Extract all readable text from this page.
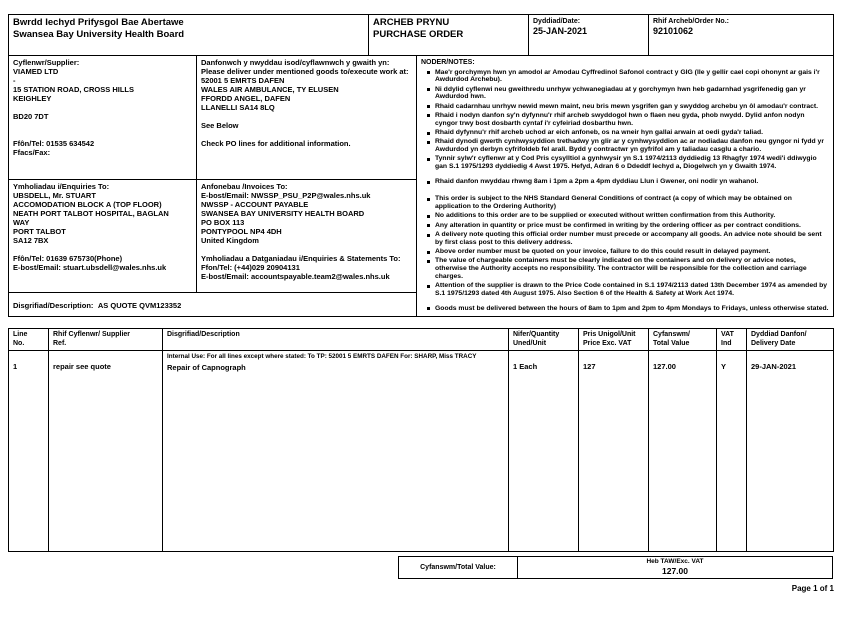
Bwrdd Iechyd Prifysgol Bae Abertawe
Swansea Bay University Health Board

ARCHEB PRYNU
PURCHASE ORDER

Dyddiad/Date:
25-JAN-2021

Rhif Archeb/Order No.:
92101062
Cyflenwr/Supplier:
VIAMED LTD
-
15 STATION ROAD, CROSS HILLS
KEIGHLEY
BD20 7DT
Ffôn/Tel: 01535 634542
Ffacs/Fax:

Danfonwch y nwyddau isod/cyflawnwch y gwaith yn: Please deliver under mentioned goods to/execute work at:
52001 5 EMRTS DAFEN
WALES AIR AMBULANCE, TY ELUSEN
FFORDD ANGEL, DAFEN
LLANELLI SA14 8LQ
See Below
Check PO lines for additional information.

NODER/NOTES:
Mae'r gorchymyn hwn yn amodol ar Amodau Cyffredinol Safonol contract y GIG (lle y gellir cael copi ohonynt ar gais i'r Awdurdod Archebu).
Ni ddylid cyflenwi neu gweithredu unrhyw ychwanegiadau at y gorchymyn hwn heb gadarnhad ysgrifenedig gan yr Awdurdod hwn.
Rhaid cadarnhau unrhyw newid mewn maint, neu bris mewn ysgrifen gan y swyddog archebu yn ôl amodau'r contract.
Rhaid i nodyn danfon sy'n dyfynnu'r rhif archeb swyddogol hwn o flaen neu gyda, phob nwydd. Dylid anfon nodyn cyngor trwy bost dosbarth cyntaf i'r cyfeiriad dosbarthu hwn.
Rhaid dyfynnu'r rhif archeb uchod ar eich anfoneb, os na wneir hyn gallai arwain at oedi gyda'r taliad.
Rhaid dynodi gwerth cynhwysyddion trethadwy yn glir ar y cynhwysyddion ac ar nodiadau danfon neu gyngor ni fydd yr Awdurdod yn derbyn cyfrifoldeb fel arall. Bydd y contractwr yn gyfrifol am y taliadau casglu a chario.
Tynnir sylw'r cyflenwr at y Cod Pris cysylltiol a gynhwysir yn S.1 1974/2113 dyddiedig 13 Rhagfyr 1974 wedi'i ddiwygio gan S.1 1975/1293 dyddiedig 4 Awst 1975. Hefyd, Adran 6 o Ddeddf Iechyd a, Diogelwch yn y Gwaith 1974.
Rhaid danfon nwyddau rhwng 8am i 1pm a 2pm a 4pm dyddiau Llun i Gwener, oni nodir yn wahanol.
This order is subject to the NHS Standard General Conditions of contract (a copy of which may be obtained on application to the Ordering Authority)
No additions to this order are to be supplied or executed without written confirmation from this Authority.
Any alteration in quantity or price must be confirmed in writing by the ordering officer as per contract conditions.
A delivery note quoting this official order number must precede or accompany all goods. An advice note should be sent by first class post to this delivery address.
Above order number must be quoted on your invoice, failure to do this could result in delayed payment.
The value of chargeable containers must be clearly indicated on the containers and on delivery or advice notes, otherwise the Authority accepts no responsibility. The contractor will be responsible for the collection and carriage charges.
Attention of the supplier is drawn to the Price Code contained in S.1 1974/2113 dated 13th December 1974 as amended by S.1 1975/1293 dated 4th August 1975. Also Section 6 of the Health & Safety at Work Act 1974.
Goods must be delivered between the hours of 8am to 1pm and 2pm to 4pm Mondays to Fridays, unless otherwise stated.

Ymholiadau i/Enquiries To:
UBSDELL, Mr. STUART
ACCOMODATION BLOCK A (TOP FLOOR)
NEATH PORT TALBOT HOSPITAL, BAGLAN
WAY
PORT TALBOT
SA12 7BX
Ffôn/Tel: 01639 675730(Phone)
E-bost/Email: stuart.ubsdell@wales.nhs.uk

Anfonebau /Invoices To:
E-bost/Email: NWSSP_PSU_P2P@wales.nhs.uk
NWSSP - ACCOUNT PAYABLE
SWANSEA BAY UNIVERSITY HEALTH BOARD
PO BOX 113
PONTYPOOL NP4 4DH
United Kingdom
Ymholiadau a Datganiadau i/Enquiries & Statements To:
Ffon/Tel: (+44)029 20904131
E-bost/Email: accountspayable.team2@wales.nhs.uk

Disgrifiad/Description: AS QUOTE QVM123352		
Line
No.

Rhif Cyflenwr/ Supplier
Ref.

Disgrifiad/Description	Nifer/Quantity
Uned/Unit

Pris Unigol/Unit
Price Exc. VAT

Cyfanswm/
Total Value

VAT
Ind

Dyddiad Danfon/
Delivery Date

1	repair see quote	Internal Use: For all lines except where stated: To TP: 52001 5 EMRTS DAFEN For: SHARP, Miss TRACY
Repair of Capnograph	1 Each	127	127.00	Y	29-JAN-2021
Cyfanswm/Total Value:
Heb TAW/Exc. VAT
127.00
Page 1 of 1
